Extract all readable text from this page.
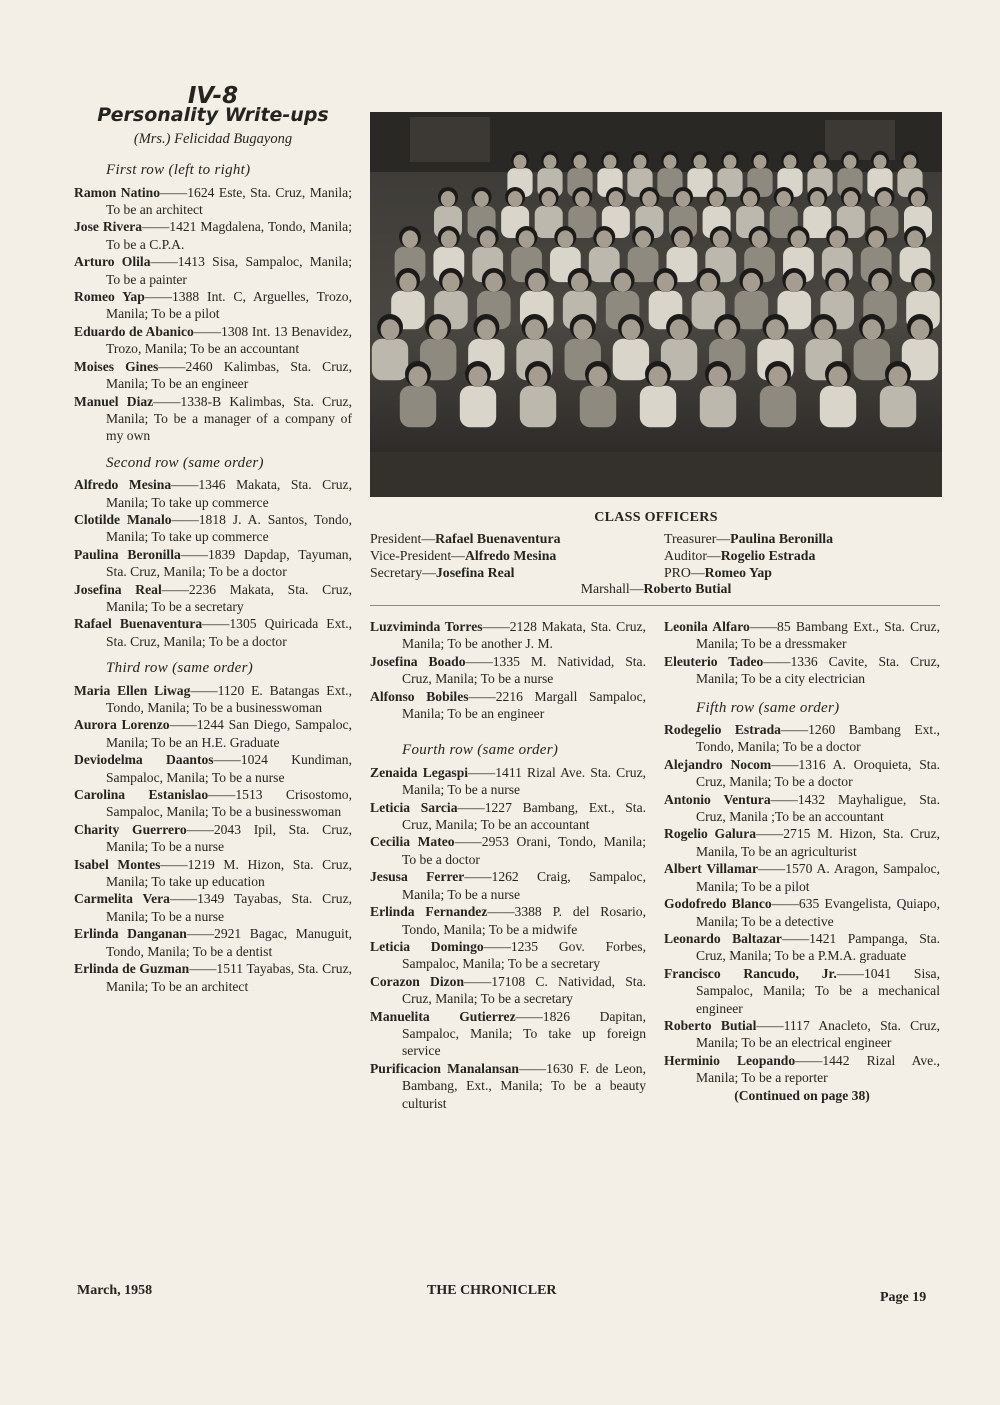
IV-8
Personality Write-ups
(Mrs.) Felicidad Bugayong
First row (left to right)

Ramon Natino——1624 Este, Sta. Cruz, Manila; To be an architect

Jose Rivera——1421 Magdalena, Tondo, Manila; To be a C.P.A.

Arturo Olila——1413 Sisa, Sampaloc, Manila; To be a painter

Romeo Yap——1388 Int. C, Arguelles, Trozo, Manila; To be a pilot

Eduardo de Abanico——1308 Int. 13 Benavidez, Trozo, Manila; To be an accountant

Moises Gines——2460 Kalimbas, Sta. Cruz, Manila; To be an engineer

Manuel Diaz——1338-B Kalimbas, Sta. Cruz, Manila; To be a manager of a company of my own

Second row (same order)

Alfredo Mesina——1346 Makata, Sta. Cruz, Manila; To take up commerce

Clotilde Manalo——1818 J. A. Santos, Tondo, Manila; To take up commerce

Paulina Beronilla——1839 Dapdap, Tayuman, Sta. Cruz, Manila; To be a doctor

Josefina Real——2236 Makata, Sta. Cruz, Manila; To be a secretary

Rafael Buenaventura——1305 Quiricada Ext., Sta. Cruz, Manila; To be a doctor

Third row (same order)

Maria Ellen Liwag——1120 E. Batangas Ext., Tondo, Manila; To be a businesswoman

Aurora Lorenzo——1244 San Diego, Sampaloc, Manila; To be an H.E. Graduate

Deviodelma Daantos——1024 Kundiman, Sampaloc, Manila; To be a nurse

Carolina Estanislao——1513 Crisostomo, Sampaloc, Manila; To be a businesswoman

Charity Guerrero——2043 Ipil, Sta. Cruz, Manila; To be a nurse

Isabel Montes——1219 M. Hizon, Sta. Cruz, Manila; To take up education

Carmelita Vera——1349 Tayabas, Sta. Cruz, Manila; To be a nurse

Erlinda Danganan——2921 Bagac, Manuguit, Tondo, Manila; To be a dentist

Erlinda de Guzman——1511 Tayabas, Sta. Cruz, Manila; To be an architect

CLASS OFFICERS
President—Rafael Buenaventura
Vice-President—Alfredo Mesina
Secretary—Josefina Real
Treasurer—Paulina Beronilla
Auditor—Rogelio Estrada
PRO—Romeo Yap
Marshall—Roberto Butial

Luzviminda Torres——2128 Makata, Sta. Cruz, Manila; To be another J. M.

Josefina Boado——1335 M. Natividad, Sta. Cruz, Manila; To be a nurse

Alfonso Bobiles——2216 Margall Sampaloc, Manila; To be an engineer

Fourth row (same order)

Zenaida Legaspi——1411 Rizal Ave. Sta. Cruz, Manila; To be a nurse

Leticia Sarcia——1227 Bambang, Ext., Sta. Cruz, Manila; To be an accountant

Cecilia Mateo——2953 Orani, Tondo, Manila; To be a doctor

Jesusa Ferrer——1262 Craig, Sampaloc, Manila; To be a nurse

Erlinda Fernandez——3388 P. del Rosario, Tondo, Manila; To be a midwife

Leticia Domingo——1235 Gov. Forbes, Sampaloc, Manila; To be a secretary

Corazon Dizon——17108 C. Natividad, Sta. Cruz, Manila; To be a secretary

Manuelita Gutierrez——1826 Dapitan, Sampaloc, Manila; To take up foreign service

Purificacion Manalansan——1630 F. de Leon, Bambang, Ext., Manila; To be a beauty culturist

Leonila Alfaro——85 Bambang Ext., Sta. Cruz, Manila; To be a dressmaker

Eleuterio Tadeo——1336 Cavite, Sta. Cruz, Manila; To be a city electrician

Fifth row (same order)

Rodegelio Estrada——1260 Bambang Ext., Tondo, Manila; To be a doctor

Alejandro Nocom——1316 A. Oroquieta, Sta. Cruz, Manila; To be a doctor

Antonio Ventura——1432 Mayhaligue, Sta. Cruz, Manila ;To be an accountant

Rogelio Galura——2715 M. Hizon, Sta. Cruz, Manila, To be an agriculturist

Albert Villamar——1570 A. Aragon, Sampaloc, Manila; To be a pilot

Godofredo Blanco——635 Evangelista, Quiapo, Manila; To be a detective

Leonardo Baltazar——1421 Pampanga, Sta. Cruz, Manila; To be a P.M.A. graduate

Francisco Rancudo, Jr.——1041 Sisa, Sampaloc, Manila; To be a mechanical engineer

Roberto Butial——1117 Anacleto, Sta. Cruz, Manila; To be an electrical engineer

Herminio Leopando——1442 Rizal Ave., Manila; To be a reporter

(Continued on page 38)

March, 1958	THE CHRONICLER	Page 19
